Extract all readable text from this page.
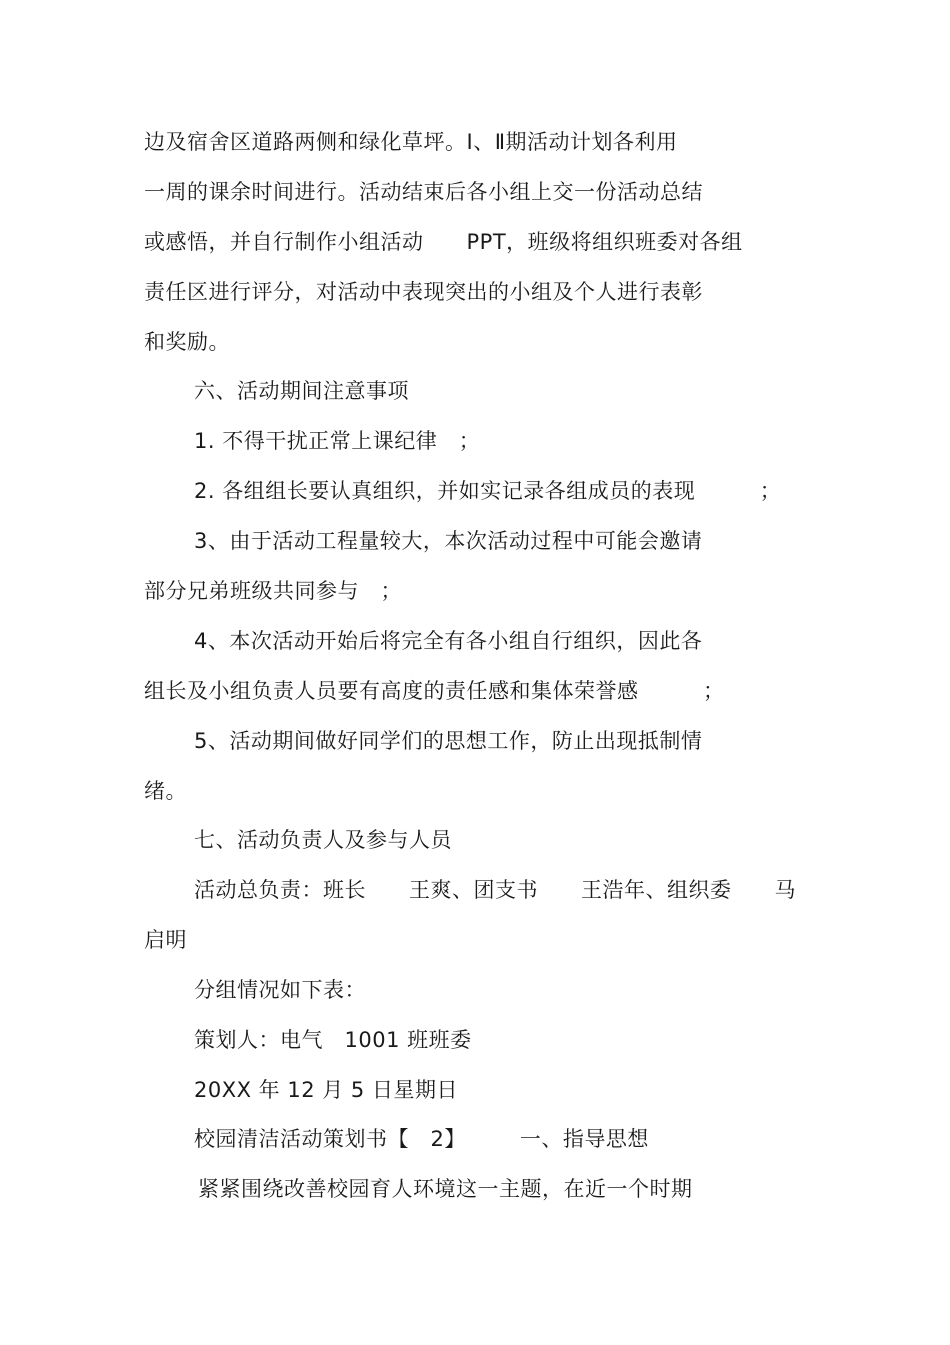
边及宿舍区道路两侧和绿化草坪。Ⅰ、Ⅱ期活动计划各利用
一周的课余时间进行。活动结束后各小组上交一份活动总结
或感悟，并自行制作小组活动　　PPT，班级将组织班委对各组
责任区进行评分，对活动中表现突出的小组及个人进行表彰
和奖励。
六、活动期间注意事项
1. 不得干扰正常上课纪律　；
2. 各组组长要认真组织，并如实记录各组成员的表现　　　；
3、由于活动工程量较大，本次活动过程中可能会邀请
部分兄弟班级共同参与　；
4、本次活动开始后将完全有各小组自行组织，因此各
组长及小组负责人员要有高度的责任感和集体荣誉感　　　；
5、活动期间做好同学们的思想工作，防止出现抵制情
绪。
七、活动负责人及参与人员
活动总负责：班长　　王爽、团支书　　王浩年、组织委　　马
启明
分组情况如下表：
策划人：电气　1001 班班委
20XX 年 12 月 5 日星期日
校园清洁活动策划书【　2】　　　一、指导思想
紧紧围绕改善校园育人环境这一主题，在近一个时期
